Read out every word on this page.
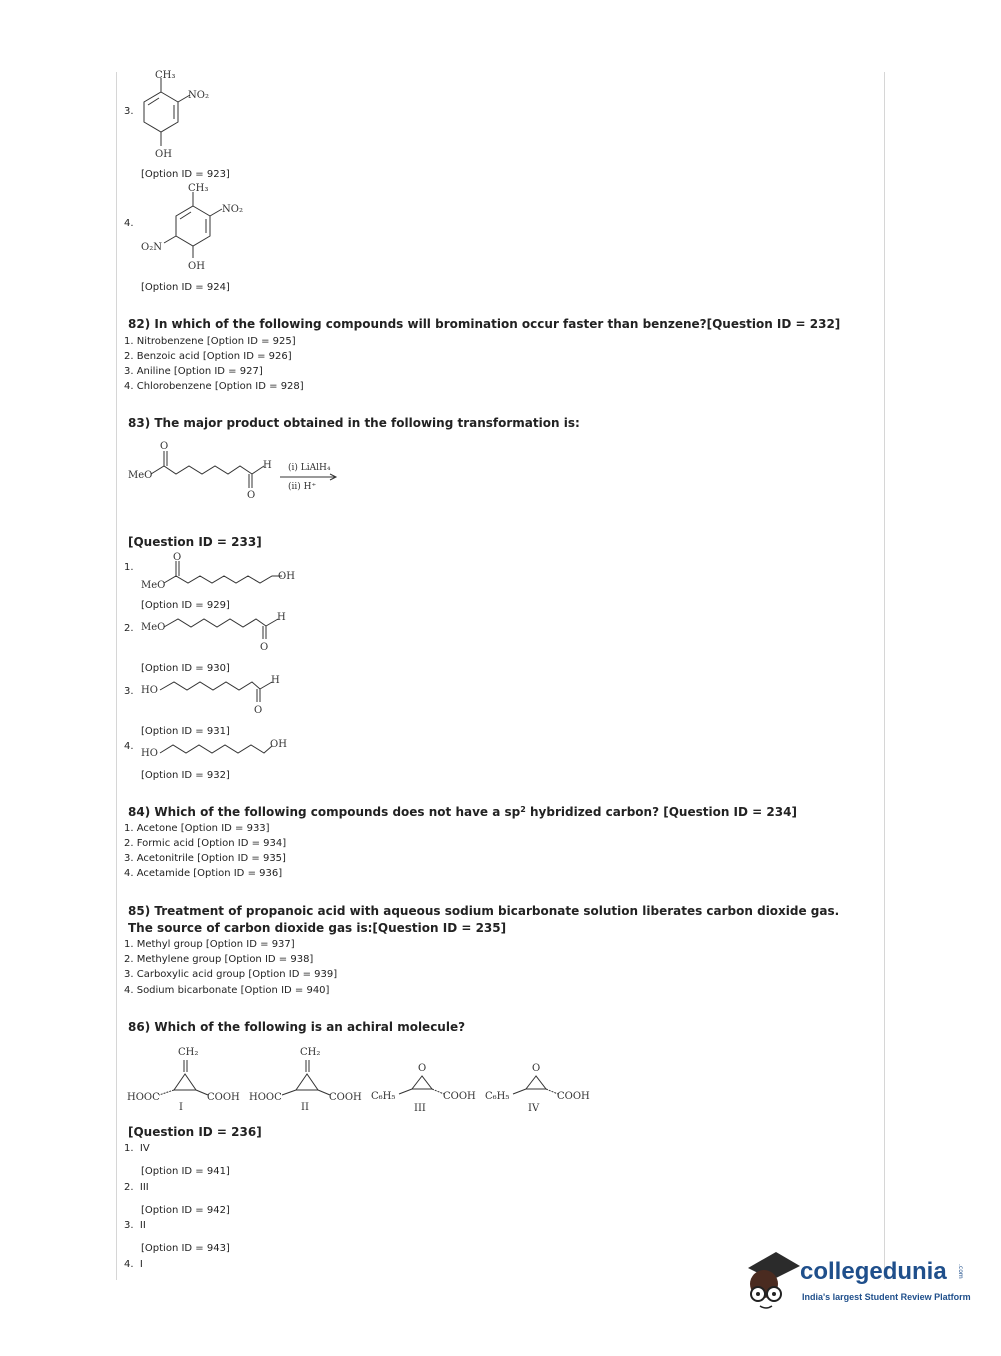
3.
CH₃
NO₂
OH
[Option ID = 923]
4.
CH₃
NO₂
O₂N
OH
[Option ID = 924]
82) In which of the following compounds will bromination occur faster than benzene?[Question ID = 232]
1. Nitrobenzene [Option ID = 925]
2. Benzoic acid [Option ID = 926]
3. Aniline [Option ID = 927]
4. Chlorobenzene [Option ID = 928]
83) The major product obtained in the following transformation is:
MeO
O
H
O
(i) LiAlH₄
(ii) H⁺
[Question ID = 233]
1.
MeO
O
OH
[Option ID = 929]
2. MeO
H
O
[Option ID = 930]
3. HO
H
O
[Option ID = 931]
4.
HO
OH
[Option ID = 932]
84) Which of the following compounds does not have a $sp^2$ hybridized carbon? [Question ID = 234]
1. Acetone [Option ID = 933]
2. Formic acid [Option ID = 934]
3. Acetonitrile [Option ID = 935]
4. Acetamide [Option ID = 936]
85) Treatment of propanoic acid with aqueous sodium bicarbonate solution liberates carbon dioxide gas. The source of carbon dioxide gas is:[Question ID = 235]
1. Methyl group [Option ID = 937]
2. Methylene group [Option ID = 938]
3. Carboxylic acid group [Option ID = 939]
4. Sodium bicarbonate [Option ID = 940]
86) Which of the following is an achiral molecule?
CH₂
HOOC	COOH
I
CH₂
HOOC	COOH
II
O
C₆H₅	COOH
III
O
C₆H₅	COOH
IV
[Question ID = 236]
1. IV
[Option ID = 941]
2. III
[Option ID = 942]
3. II
[Option ID = 943]
4. I	collegedunia .com
India's largest Student Review Platform
